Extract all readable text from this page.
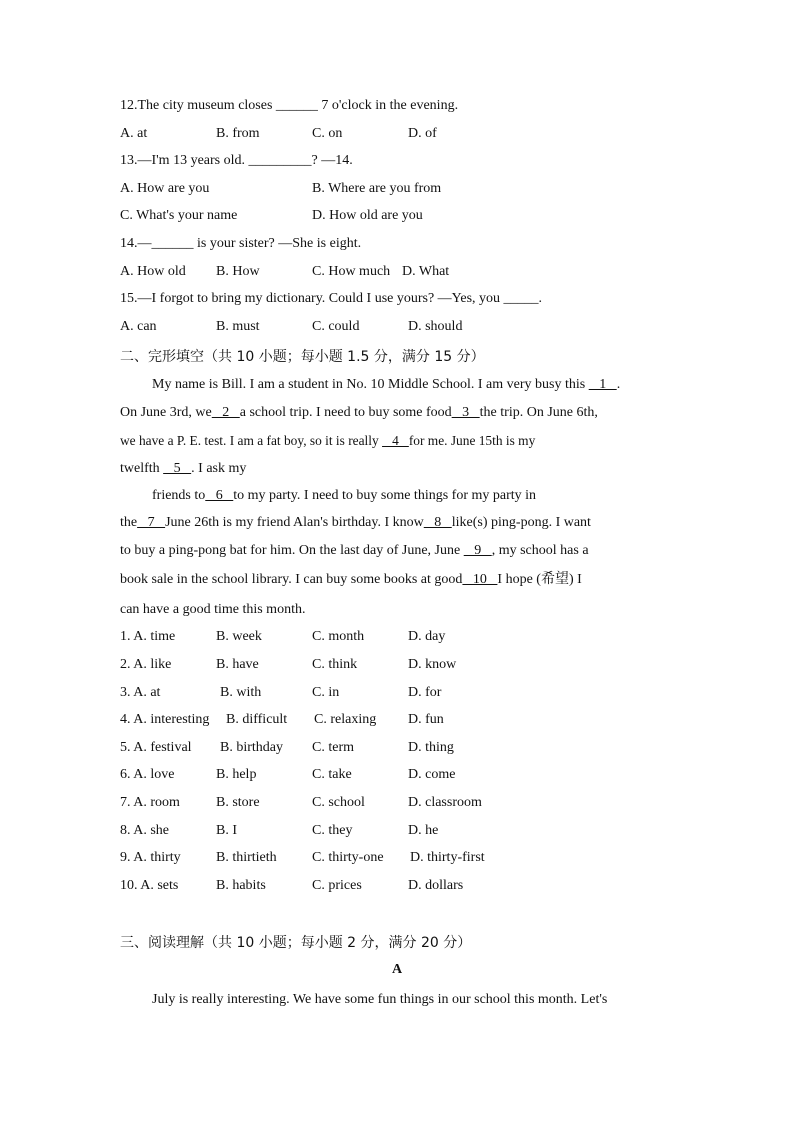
12.The city museum closes ______ 7 o'clock in the evening.
A. at	B. from	C. on	D. of
13.—I'm 13 years old. _________? —14.
A. How are you	B. Where are you from
C. What's your name	D. How old are you
14.—______ is your sister? —She is eight.
A. How old B. How	C. How much D. What
15.—I forgot to bring my dictionary. Could I use yours? —Yes, you _____.
A. can	B. must	C. could	D. should
二、完形填空（共 10 小题；每小题 1.5 分，满分 15 分）
My name is Bill. I am a student in No. 10 Middle School. I am very busy this    1   .
On June 3rd, we   2   a school trip. I need to buy some food   3   the trip. On June 6th,
we have a P. E. test. I am a fat boy, so it is really    4   for me. June 15th is my
twelfth    5   . I ask my
friends to   6   to my party. I need to buy some things for my party in
the   7   June 26th is my friend Alan's birthday. I know   8   like(s) ping-pong. I want
to buy a ping-pong bat for him. On the last day of June, June    9   , my school has a
book sale in the school library. I can buy some books at good   10   I hope (希望) I
can have a good time this month.
1. A. time	B. week	C. month	D. day
2. A. like	B. have	C. think	D. know
3. A. at	B. with	C. in	D. for
4. A. interesting B. difficult C. relaxing D. fun
5. A. festival B. birthday C. term	D. thing
6. A. love	B. help	C. take	D. come
7. A. room	B. store	C. school	D. classroom
8. A. she	B. I	C. they	D. he
9. A. thirty	B. thirtieth	C. thirty-one D. thirty-first
10. A. sets	B. habits	C. prices	D. dollars
三、阅读理解（共 10 小题；每小题 2 分，满分 20 分）
A
July is really interesting. We have some fun things in our school this month. Let's
